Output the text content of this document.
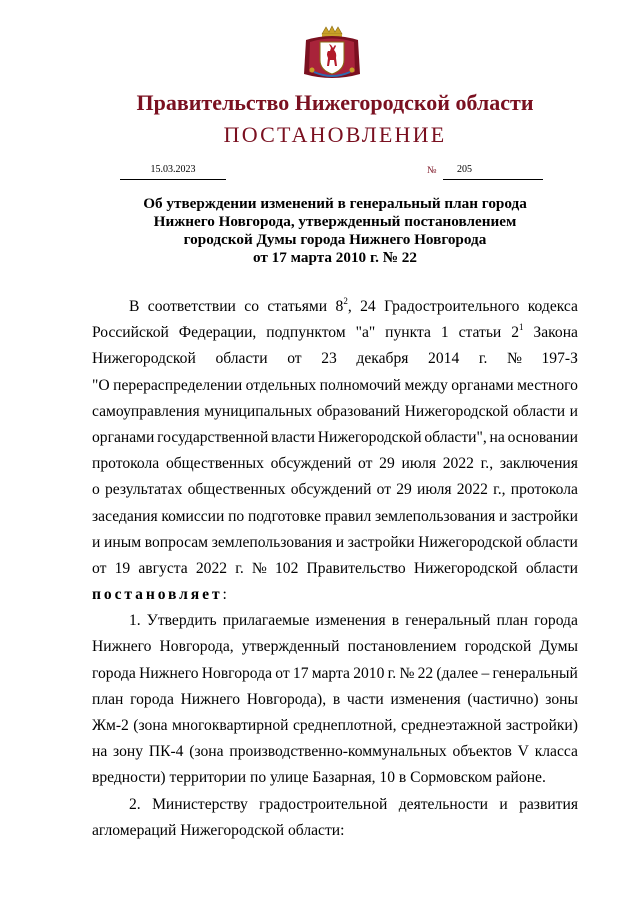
Правительство Нижегородской области
ПОСТАНОВЛЕНИЕ
15.03.2023	№	205
Об утверждении изменений в генеральный план города
Нижнего Новгорода, утвержденный постановлением
городской Думы города Нижнего Новгорода
от 17 марта 2010 г. № 22
В соответствии со статьями $8^2$, 24 Градостроительного кодекса
Российской Федерации, подпунктом "а" пункта 1 статьи $2^1$ Закона
Нижегородской области от 23 декабря 2014 г. № 197-З
"О перераспределении отдельных полномочий между органами местного
самоуправления муниципальных образований Нижегородской области и
органами государственной власти Нижегородской области", на основании
протокола общественных обсуждений от 29 июля 2022 г., заключения
о результатах общественных обсуждений от 29 июля 2022 г., протокола
заседания комиссии по подготовке правил землепользования и застройки
и иным вопросам землепользования и застройки Нижегородской области
от 19 августа 2022 г. № 102 Правительство Нижегородской области
постановляет :
1. Утвердить прилагаемые изменения в генеральный план города
Нижнего Новгорода, утвержденный постановлением городской Думы
города Нижнего Новгорода от 17 марта 2010 г. № 22 (далее – генеральный
план города Нижнего Новгорода), в части изменения (частично) зоны
Жм-2 (зона многоквартирной среднеплотной, среднеэтажной застройки)
на зону ПК-4 (зона производственно-коммунальных объектов V класса
вредности) территории по улице Базарная, 10 в Сормовском районе.
2. Министерству градостроительной деятельности и развития
агломераций Нижегородской области:
